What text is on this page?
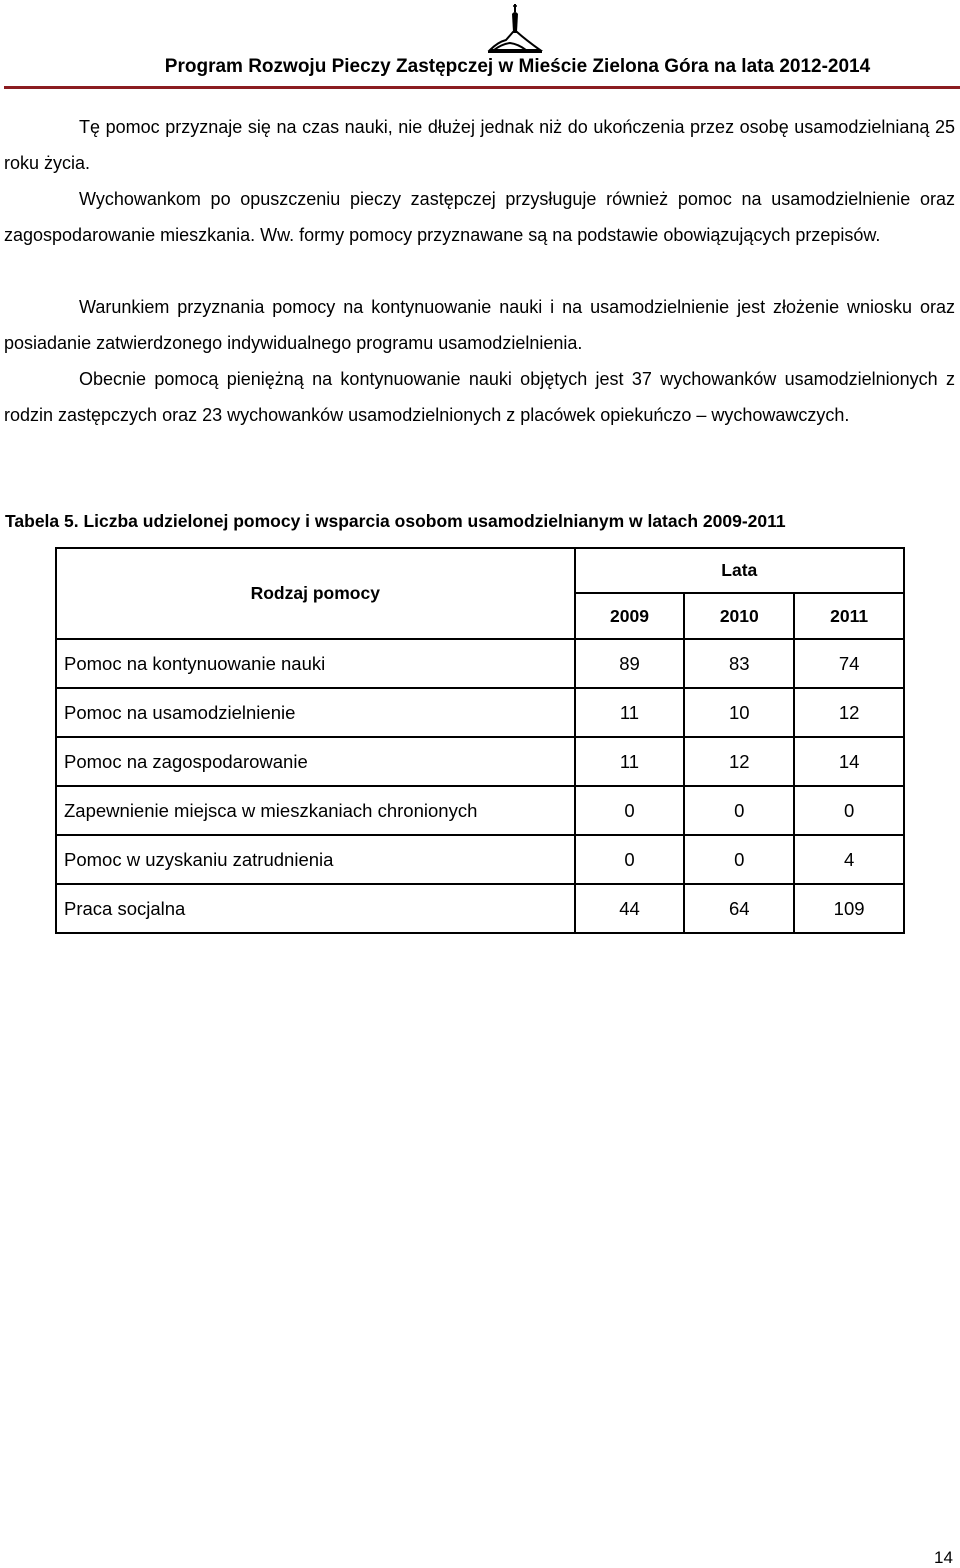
Program Rozwoju Pieczy Zastępczej w Mieście Zielona Góra na lata 2012-2014
Tę pomoc przyznaje się na czas nauki, nie dłużej jednak niż do ukończenia przez osobę usamodzielnianą 25 roku życia.
Wychowankom po opuszczeniu pieczy zastępczej przysługuje również pomoc na usamodzielnienie oraz zagospodarowanie mieszkania. Ww. formy pomocy przyznawane są na podstawie obowiązujących przepisów.
Warunkiem przyznania pomocy na kontynuowanie nauki i na usamodzielnienie jest złożenie wniosku oraz posiadanie zatwierdzonego indywidualnego programu usamodzielnienia.
Obecnie pomocą pieniężną na kontynuowanie nauki objętych jest 37 wychowanków usamodzielnionych z rodzin zastępczych oraz 23 wychowanków usamodzielnionych z placówek opiekuńczo – wychowawczych.
Tabela 5. Liczba udzielonej pomocy i wsparcia osobom usamodzielnianym w latach 2009-2011
Rodzaj pomocy	Lata		
	2009	2010	2011
Pomoc na kontynuowanie nauki	89	83	74
Pomoc na usamodzielnienie	11	10	12
Pomoc na zagospodarowanie	11	12	14
Zapewnienie miejsca w mieszkaniach chronionych	0	0	0
Pomoc w uzyskaniu zatrudnienia	0	0	4
Praca socjalna	44	64	109
14
